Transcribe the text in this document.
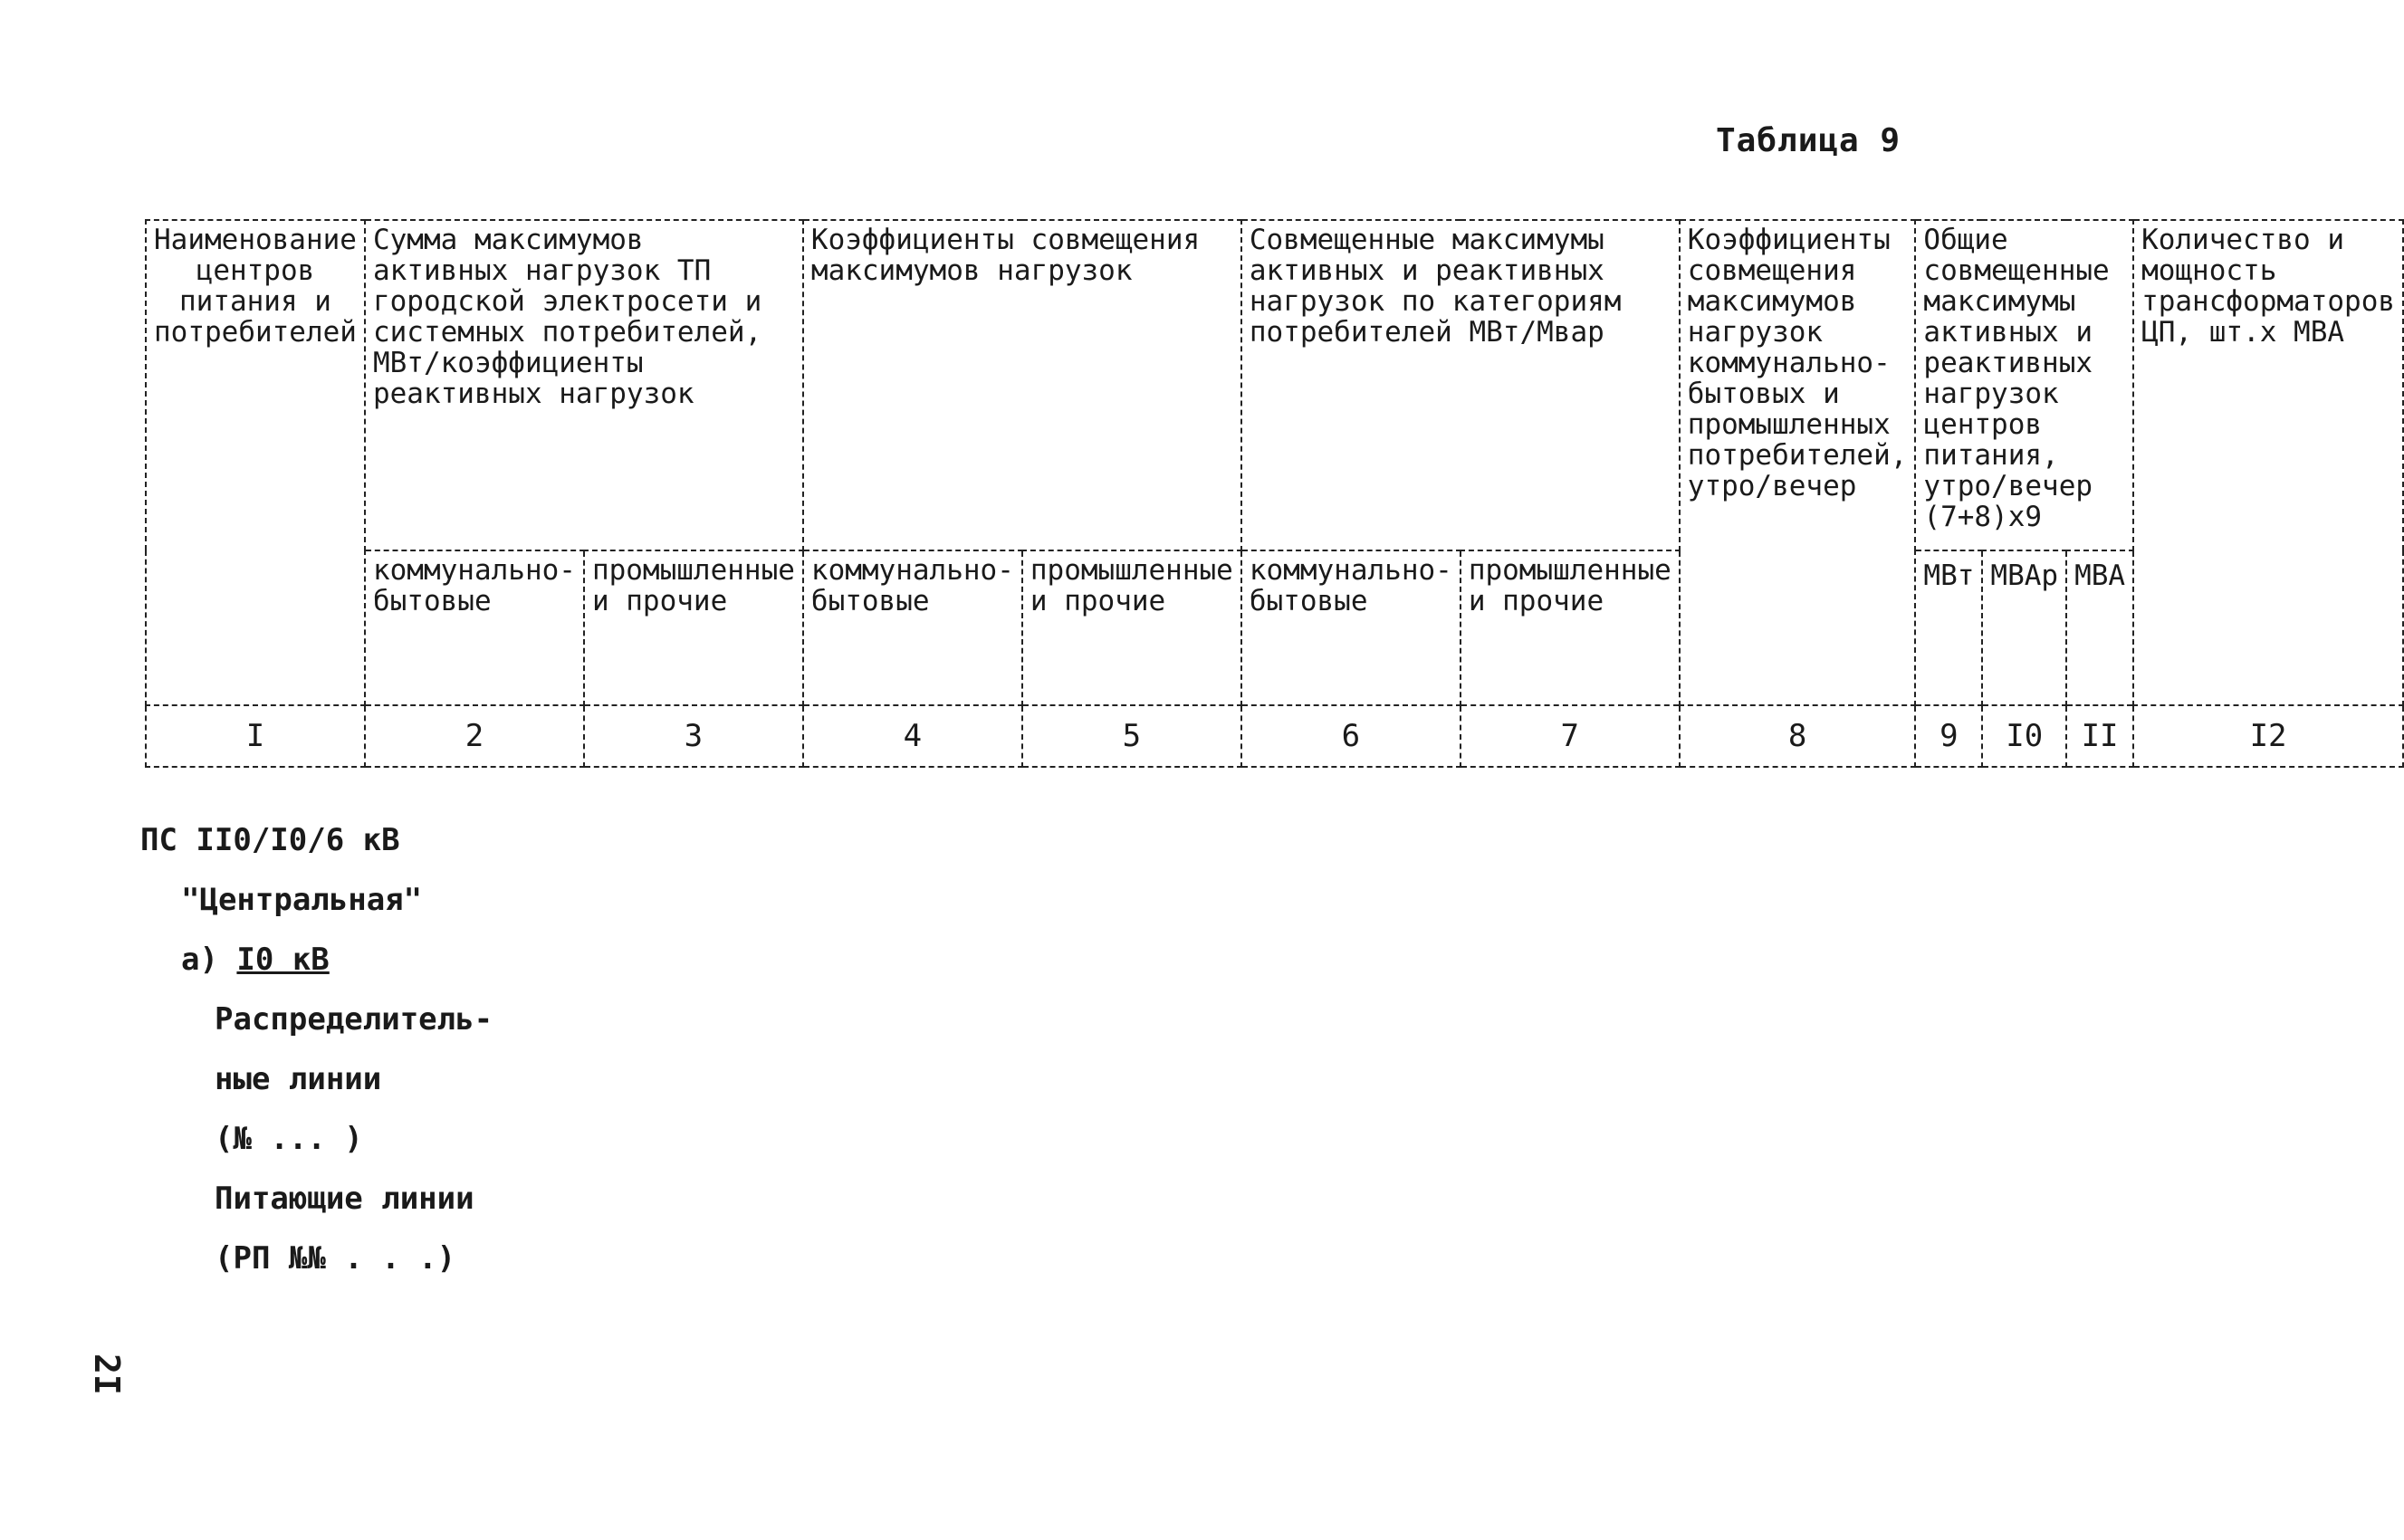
Таблица 9
Наименование центров питания и потребителей	Сумма максимумов активных нагрузок ТП городской электросети и системных потребителей, МВт/коэффициенты реактивных нагрузок		Коэффициенты совмещения максимумов нагрузок		Совмещенные максимумы активных и реактивных нагрузок по категориям потребителей МВт/Мвар		Коэффициенты совмещения максимумов нагрузок коммунально-бытовых и промышленных потребителей, утро/вечер	Общие совмещенные максимумы активных и реактивных нагрузок центров питания, утро/вечер (7+8)х9			Количество и мощность трансформаторов ЦП, шт.х МВА
	коммунально-бытовые	промышленные и прочие	коммунально-бытовые	промышленные и прочие	коммунально-бытовые	промышленные и прочие		МВт	МВАр	МВА	
I	2	3	4	5	6	7	8	9	I0	II	I2
ПС II0/I0/6 кВ
"Центральная"
а) I0 кВ
Распределитель-
ные линии
(№ ... )
Питающие линии
(РП №№ . . .)
2I
